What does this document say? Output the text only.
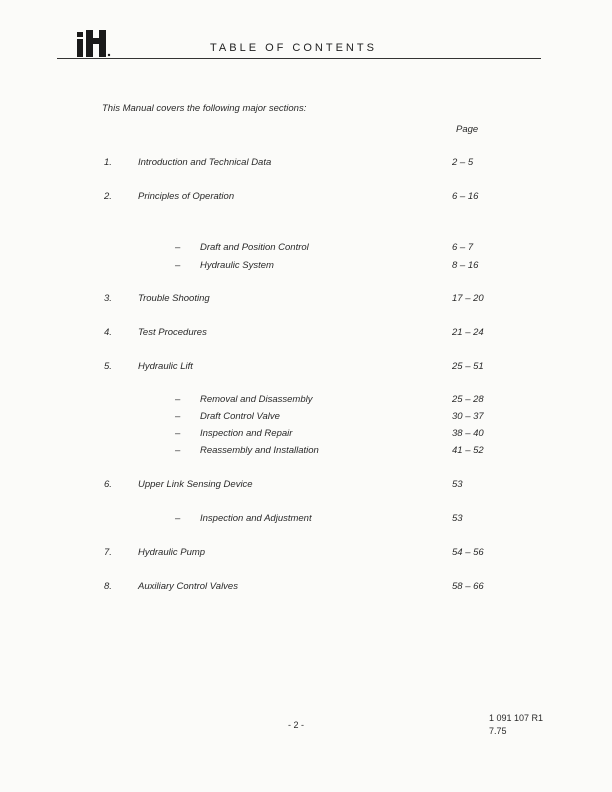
TABLE OF CONTENTS
This Manual covers the following major sections:
Page
1.	Introduction and Technical Data	2 – 5
2.	Principles of Operation	6 – 16
– Draft and Position Control	6 – 7
– Hydraulic System	8 – 16
3.	Trouble Shooting	17 – 20
4.	Test Procedures	21 – 24
5.	Hydraulic Lift	25 – 51
– Removal and Disassembly	25 – 28
– Draft Control Valve	30 – 37
– Inspection and Repair	38 – 40
– Reassembly and Installation	41 – 52
6.	Upper Link Sensing Device	53
– Inspection and Adjustment	53
7.	Hydraulic Pump	54 – 56
8.	Auxiliary Control Valves	58 – 66
- 2 -
1 091 107 R1
7.75
